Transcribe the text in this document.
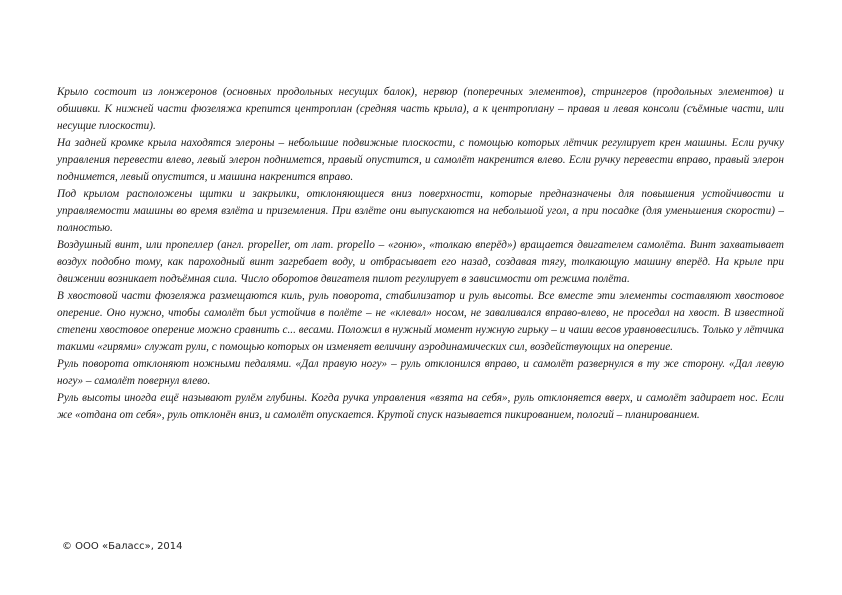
Крыло состоит из лонжеронов (основных продольных несущих балок), нервюр (поперечных элементов), стрингеров (продольных элементов) и обшивки. К нижней части фюзеляжа крепится центроплан (средняя часть крыла), а к центроплану – правая и левая консоли (съёмные части, или несущие плоскости).

На задней кромке крыла находятся элероны – небольшие подвижные плоскости, с помощью которых лётчик регулирует крен машины. Если ручку управления перевести влево, левый элерон поднимется, правый опустится, и самолёт накренится влево. Если ручку перевести вправо, правый элерон поднимется, левый опустится, и машина накренится вправо.

Под крылом расположены щитки и закрылки, отклоняющиеся вниз поверхности, которые предназначены для повышения устойчивости и управляемости машины во время взлёта и приземления. При взлёте они выпускаются на небольшой угол, а при посадке (для уменьшения скорости) – полностью.

Воздушный винт, или пропеллер (англ. propeller, от лат. propello – «гоню», «толкаю вперёд») вращается двигателем самолёта. Винт захватывает воздух подобно тому, как пароходный винт загребает воду, и отбрасывает его назад, создавая тягу, толкающую машину вперёд. На крыле при движении возникает подъёмная сила. Число оборотов двигателя пилот регулирует в зависимости от режима полёта.

В хвостовой части фюзеляжа размещаются киль, руль поворота, стабилизатор и руль высоты. Все вместе эти элементы составляют хвостовое оперение. Оно нужно, чтобы самолёт был устойчив в полёте – не «клевал» носом, не заваливался вправо-влево, не проседал на хвост. В известной степени хвостовое оперение можно сравнить с... весами. Положил в нужный момент нужную гирьку – и чаши весов уравновесились. Только у лётчика такими «гирями» служат рули, с помощью которых он изменяет величину аэродинамических сил, воздействующих на оперение.

Руль поворота отклоняют ножными педалями. «Дал правую ногу» – руль отклонился вправо, и самолёт развернулся в ту же сторону. «Дал левую ногу» – самолёт повернул влево.

Руль высоты иногда ещё называют рулём глубины. Когда ручка управления «взята на себя», руль отклоняется вверх, и самолёт задирает нос. Если же «отдана от себя», руль отклонён вниз, и самолёт опускается. Крутой спуск называется пикированием, пологий – планированием.

© ООО «Баласс», 2014
